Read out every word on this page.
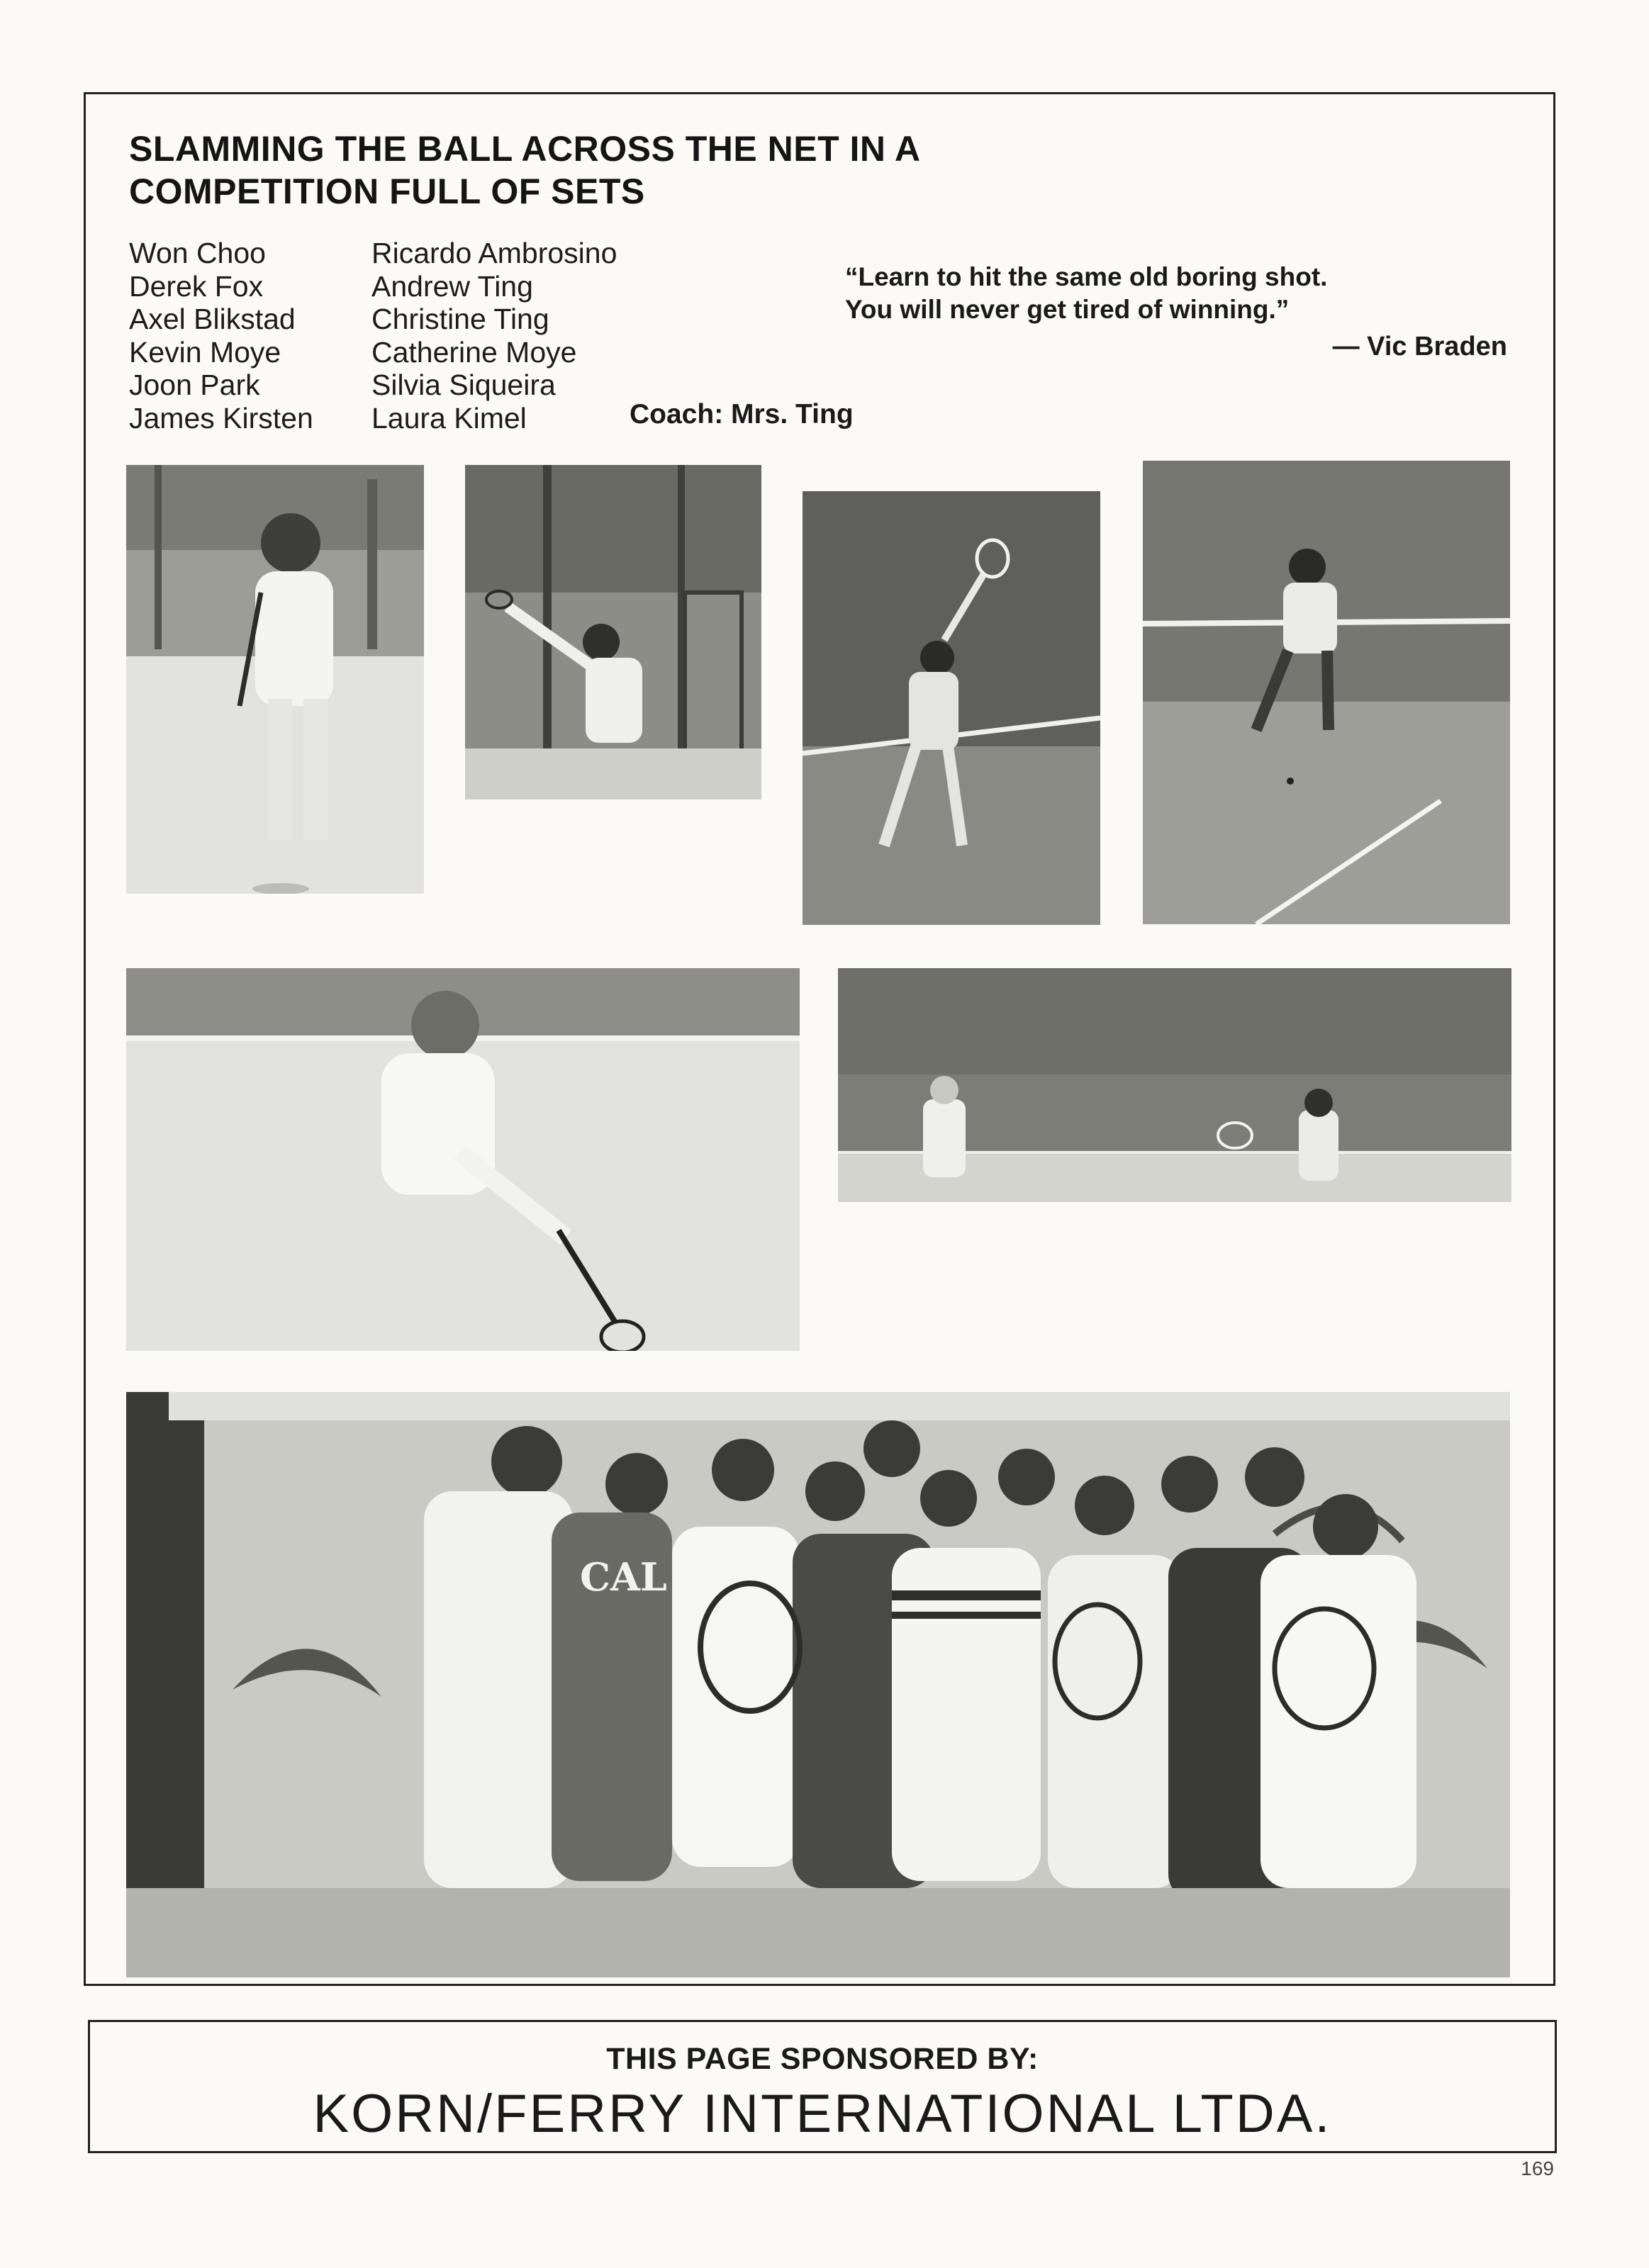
SLAMMING THE BALL ACROSS THE NET IN A
COMPETITION FULL OF SETS
Won Choo
Derek Fox
Axel Blikstad
Kevin Moye
Joon Park
James Kirsten
Ricardo Ambrosino
Andrew Ting
Christine Ting
Catherine Moye
Silvia Siqueira
Laura Kimel	Coach: Mrs. Ting
“Learn to hit the same old boring shot.
You will never get tired of winning.”
— Vic Braden
CAL
THIS PAGE SPONSORED BY:
KORN/FERRY INTERNATIONAL LTDA.
169
